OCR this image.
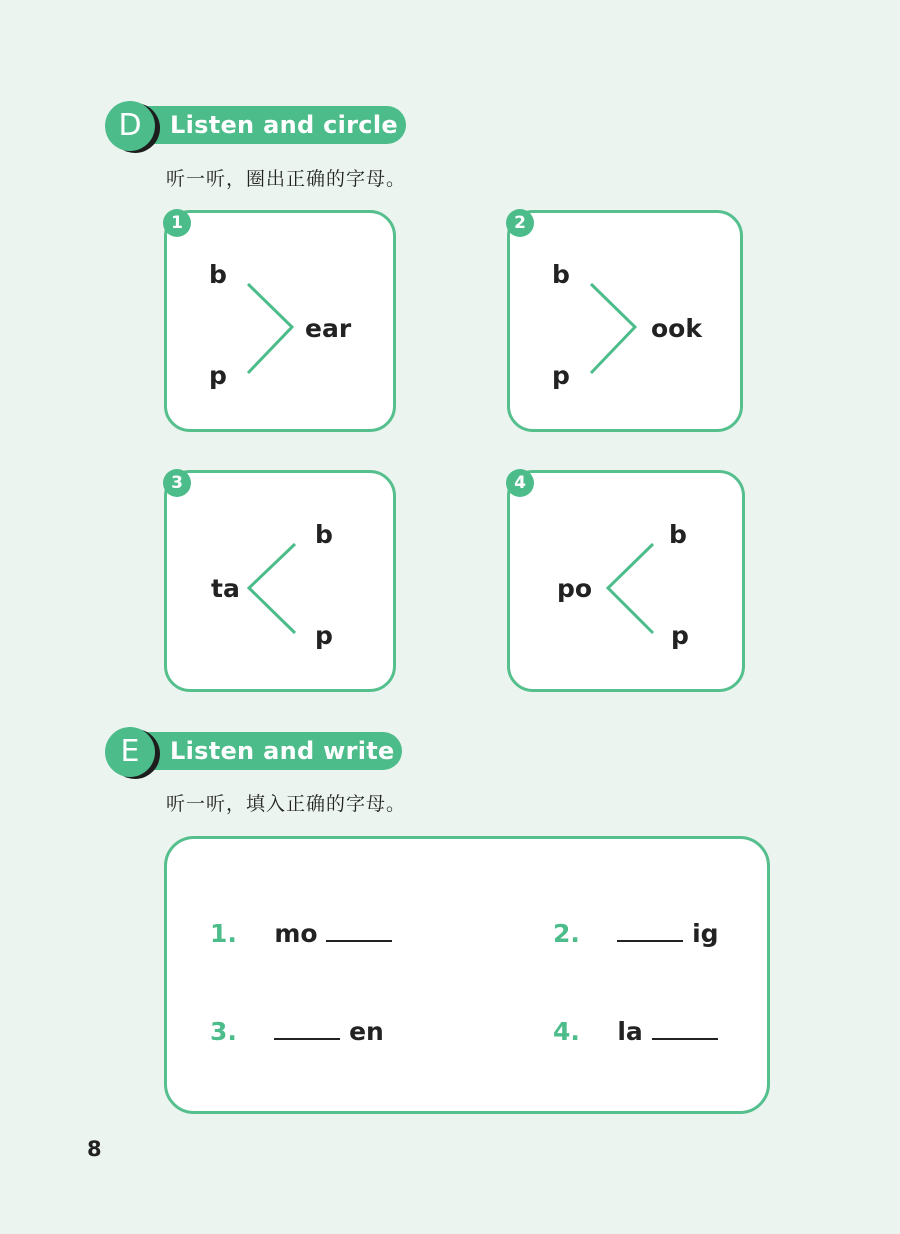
D	Listen and circle
听一听，圈出正确的字母。
b
p
ear
1
b
p
ook
2
ta
b
p
3
po
b
p
4
E	Listen and write
听一听，填入正确的字母。
1. mo	2.	ig
3.	en	4. la
8
